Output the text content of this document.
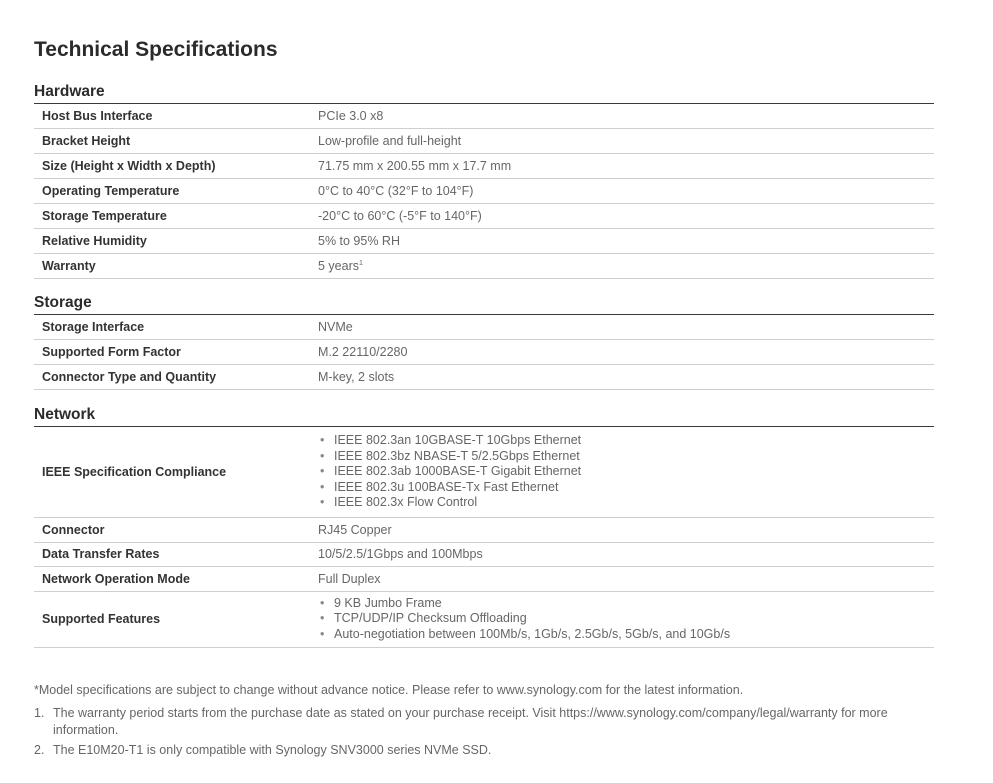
Technical Specifications
Hardware
Host Bus Interface	PCIe 3.0 x8
Bracket Height	Low-profile and full-height
Size (Height x Width x Depth)	71.75 mm x 200.55 mm x 17.7 mm
Operating Temperature	0°C to 40°C (32°F to 104°F)
Storage Temperature	-20°C to 60°C (-5°F to 140°F)
Relative Humidity	5% to 95% RH
Warranty	5 years$^1$
Storage
Storage Interface	NVMe
Supported Form Factor	M.2 22110/2280
Connector Type and Quantity	M-key, 2 slots
Network
IEEE Specification Compliance
• IEEE 802.3an 10GBASE-T 10Gbps Ethernet
• IEEE 802.3bz NBASE-T 5/2.5Gbps Ethernet
• IEEE 802.3ab 1000BASE-T Gigabit Ethernet
• IEEE 802.3u 100BASE-Tx Fast Ethernet
• IEEE 802.3x Flow Control
Connector	RJ45 Copper
Data Transfer Rates	10/5/2.5/1Gbps and 100Mbps
Network Operation Mode	Full Duplex
Supported Features
• 9 KB Jumbo Frame
• TCP/UDP/IP Checksum Offloading
• Auto-negotiation between 100Mb/s, 1Gb/s, 2.5Gb/s, 5Gb/s, and 10Gb/s

*Model specifications are subject to change without advance notice. Please refer to www.synology.com for the latest information.

1. The warranty period starts from the purchase date as stated on your purchase receipt. Visit https://www.synology.com/company/legal/warranty for more information.
2. The E10M20-T1 is only compatible with Synology SNV3000 series NVMe SSD.
